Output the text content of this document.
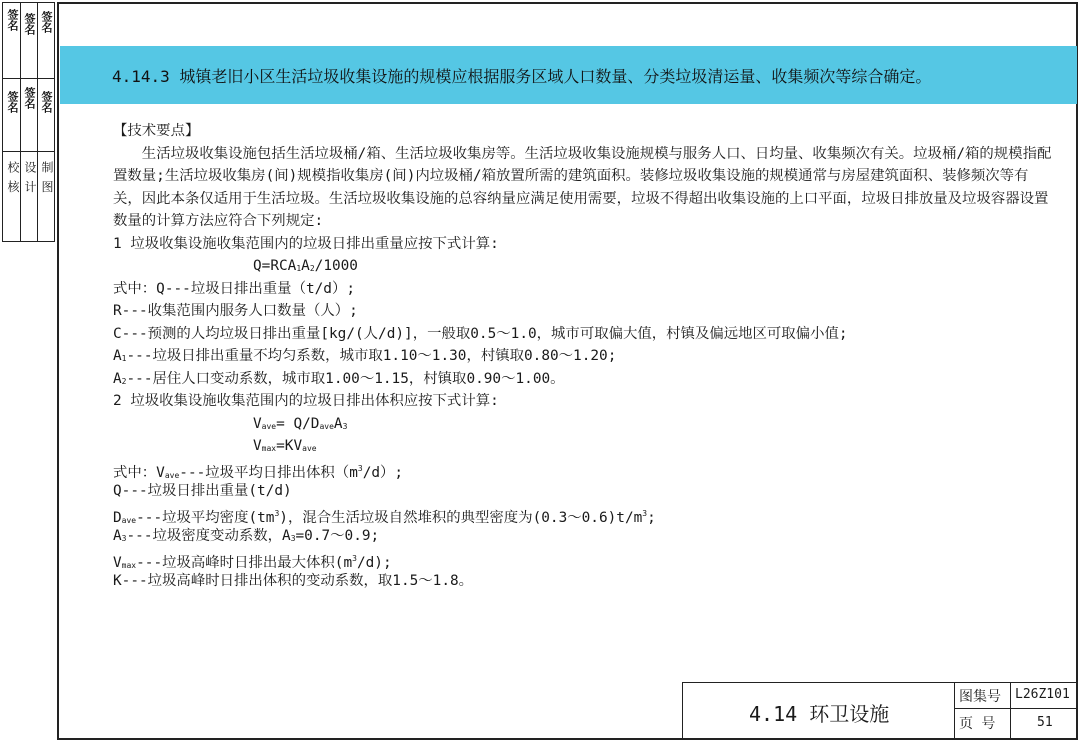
签名 签名 签名
签名 签名 签名
校 核 设 计 制 图
4.14.3 城镇老旧小区生活垃圾收集设施的规模应根据服务区域人口数量、分类垃圾清运量、收集频次等综合确定。
【技术要点】
生活垃圾收集设施包括生活垃圾桶/箱、生活垃圾收集房等。生活垃圾收集设施规模与服务人口、日均量、收集频次有关。垃圾桶/箱的规模指配置数量;生活垃圾收集房(间)规模指收集房(间)内垃圾桶/箱放置所需的建筑面积。装修垃圾收集设施的规模通常与房屋建筑面积、装修频次等有关，因此本条仅适用于生活垃圾。生活垃圾收集设施的总容纳量应满足使用需要，垃圾不得超出收集设施的上口平面，垃圾日排放量及垃圾容器设置数量的计算方法应符合下列规定:
1 垃圾收集设施收集范围内的垃圾日排出重量应按下式计算:
$Q=RCA_1A_2/1000$
式中：Q---垃圾日排出重量（t/d）;
R---收集范围内服务人口数量（人）;
C---预测的人均垃圾日排出重量[kg/(人/d)]，一般取0.5～1.0，城市可取偏大值，村镇及偏远地区可取偏小值;
$A_1---$垃圾日排出重量不均匀系数，城市取1.10～1.30，村镇取0.80～1.20;
$A_2---$居住人口变动系数，城市取1.00～1.15，村镇取0.90～1.00。
2 垃圾收集设施收集范围内的垃圾日排出体积应按下式计算:
$V_{ave}= Q/D_{ave}A_3$
$V_{max}=KV_{ave}$
式中：$V_{ave}---$垃圾平均日排出体积$(m^3/d)$;
Q---垃圾日排出重量(t/d)
$D_{ave}---$垃圾平均密度$(tm^3)$，混合生活垃圾自然堆积的典型密度为$(0.3\sim 0.6)t/m^3$;
$A_3---$垃圾密度变动系数，$A_3=0.7\sim 0.9$;
$V_{max}---$垃圾高峰时日排出最大体积$(m^3/d)$;
K---垃圾高峰时日排出体积的变动系数，取1.5～1.8。
4.14 环卫设施
图集号	L26Z101
页 号	51
